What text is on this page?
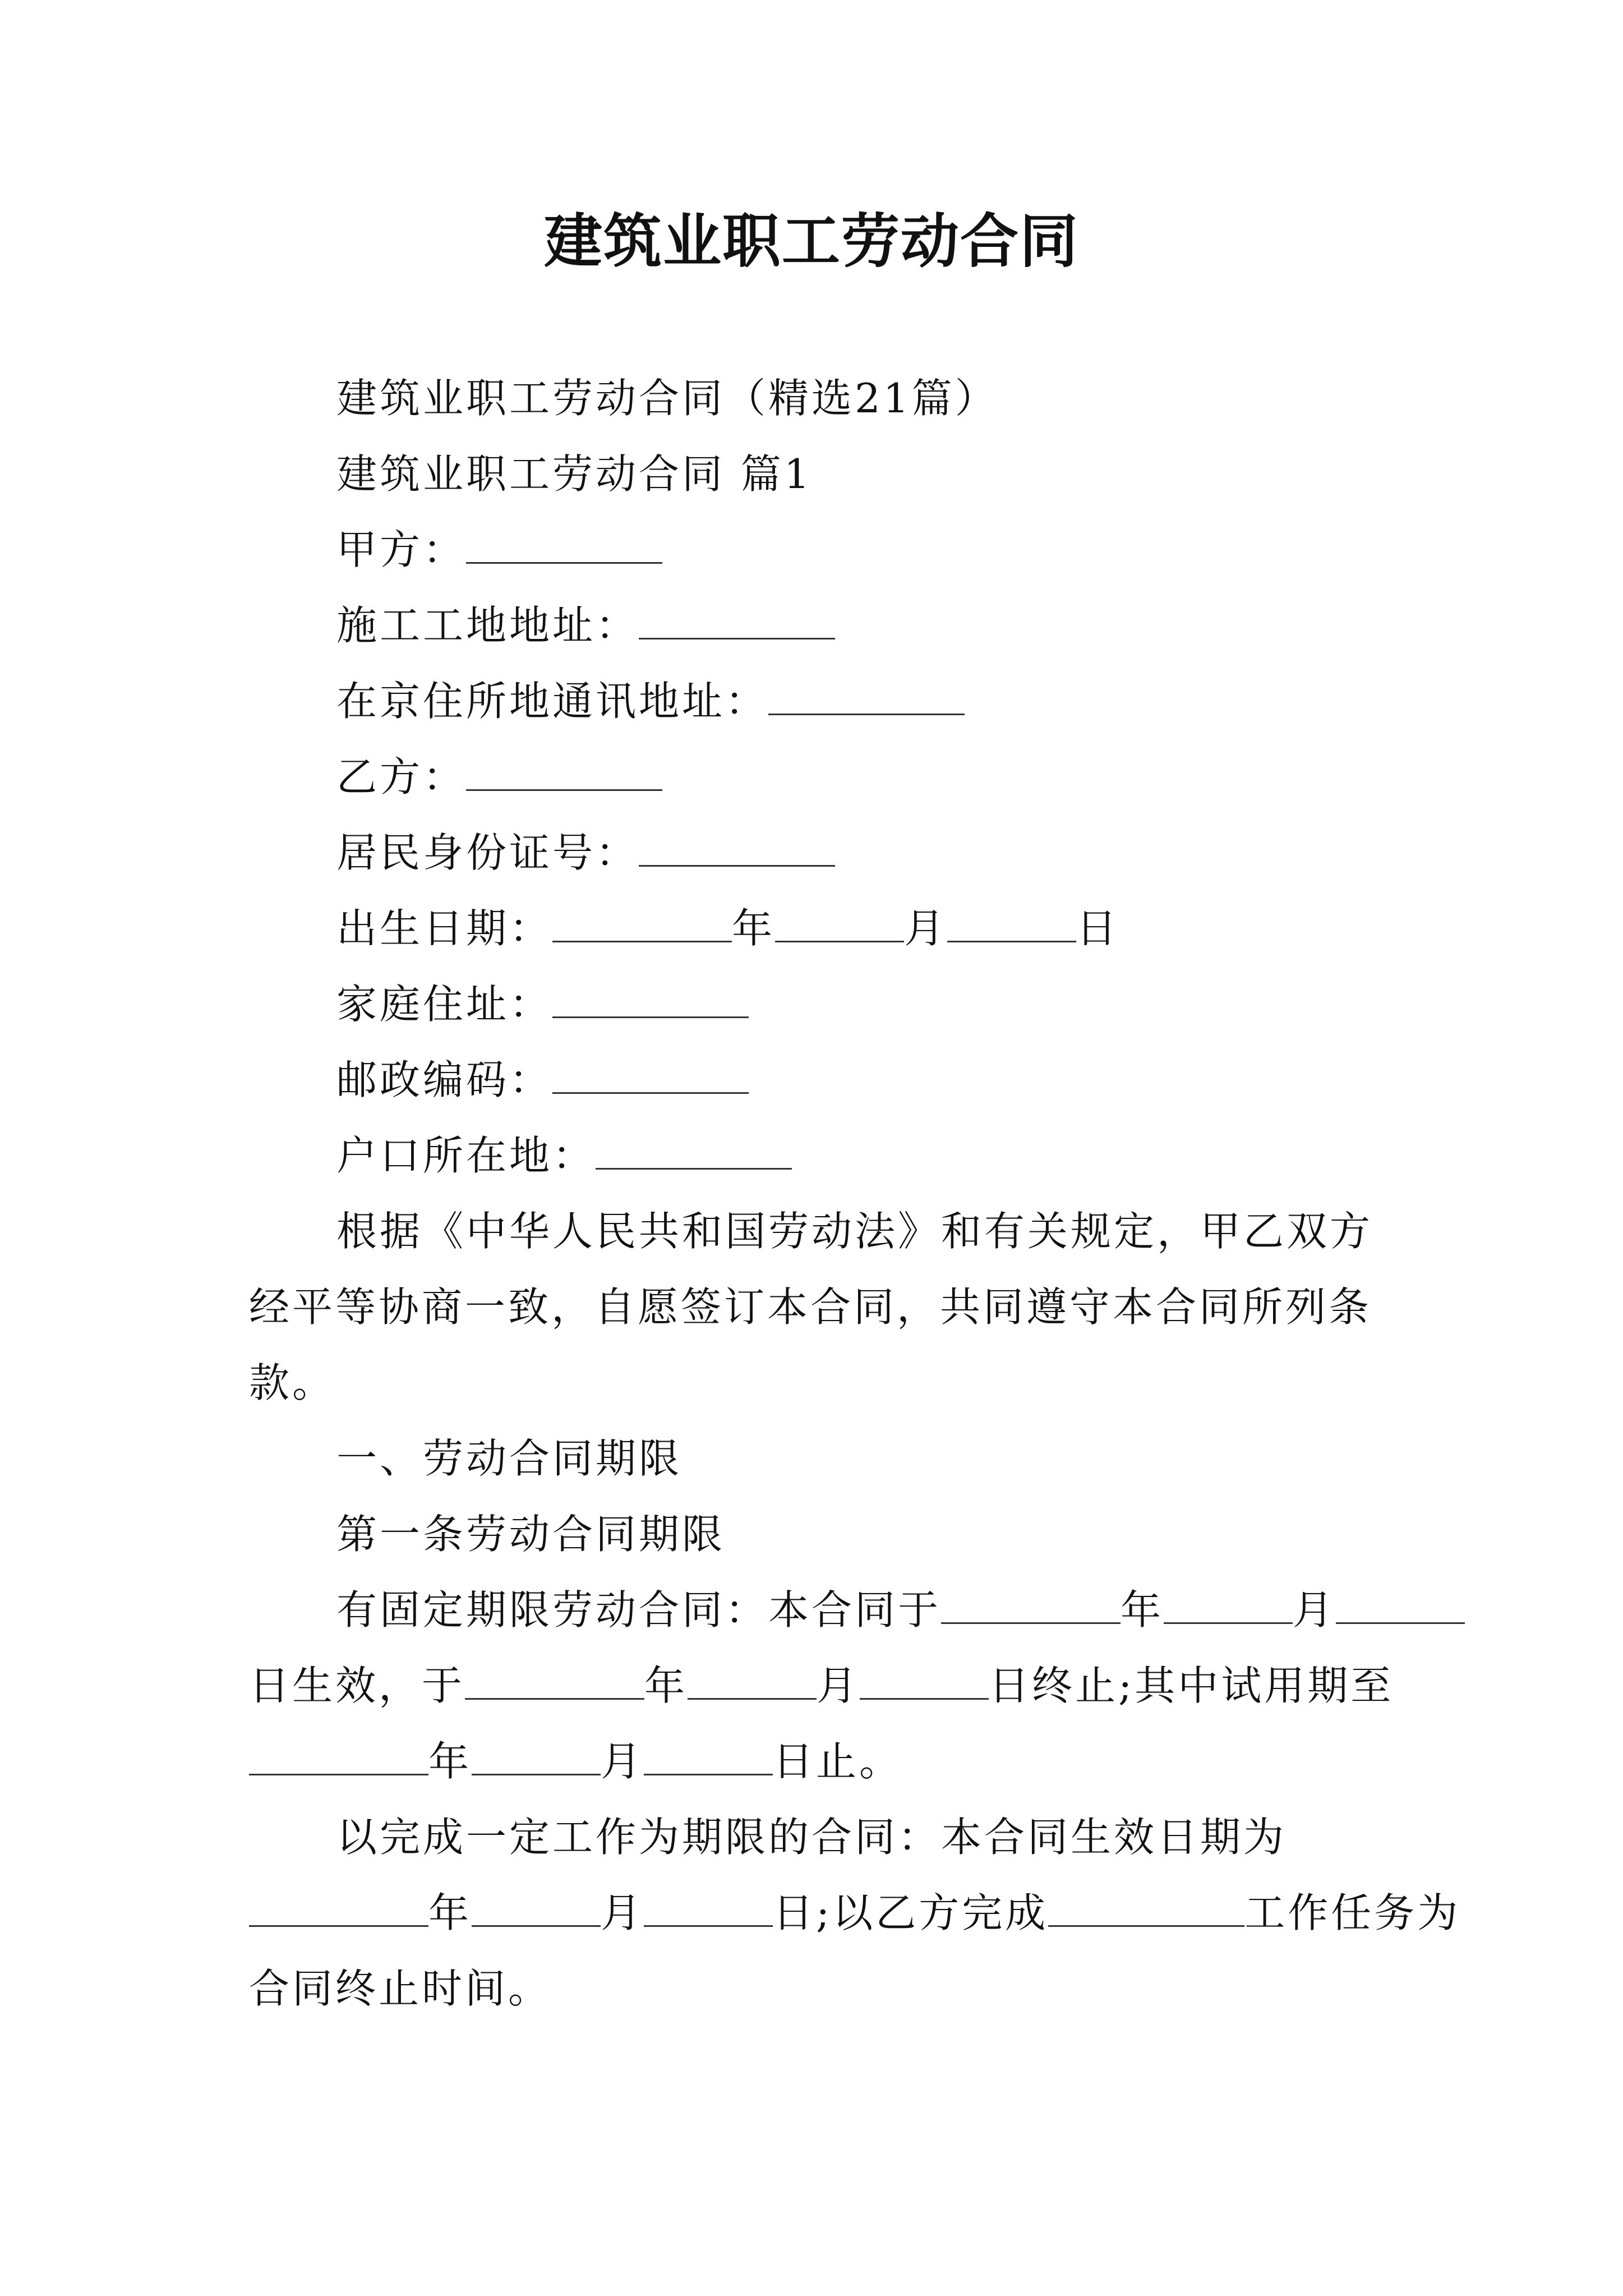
建筑业职工劳动合同
建筑业职工劳动合同（精选21篇）
建筑业职工劳动合同 篇1
甲方：
施工工地地址：
在京住所地通讯地址：
乙方：
居民身份证号：
出生日期：	年	月	日
家庭住址：
邮政编码：
户口所在地：
根据《中华人民共和国劳动法》和有关规定，甲乙双方
经平等协商一致，自愿签订本合同，共同遵守本合同所列条
款。
一、劳动合同期限
第一条劳动合同期限
有固定期限劳动合同：本合同于	年	月
日生效，于	年	月	日终止;其中试用期至
年	月	日止。
以完成一定工作为期限的合同：本合同生效日期为
年	月	日;以乙方完成	工作任务为
合同终止时间。
